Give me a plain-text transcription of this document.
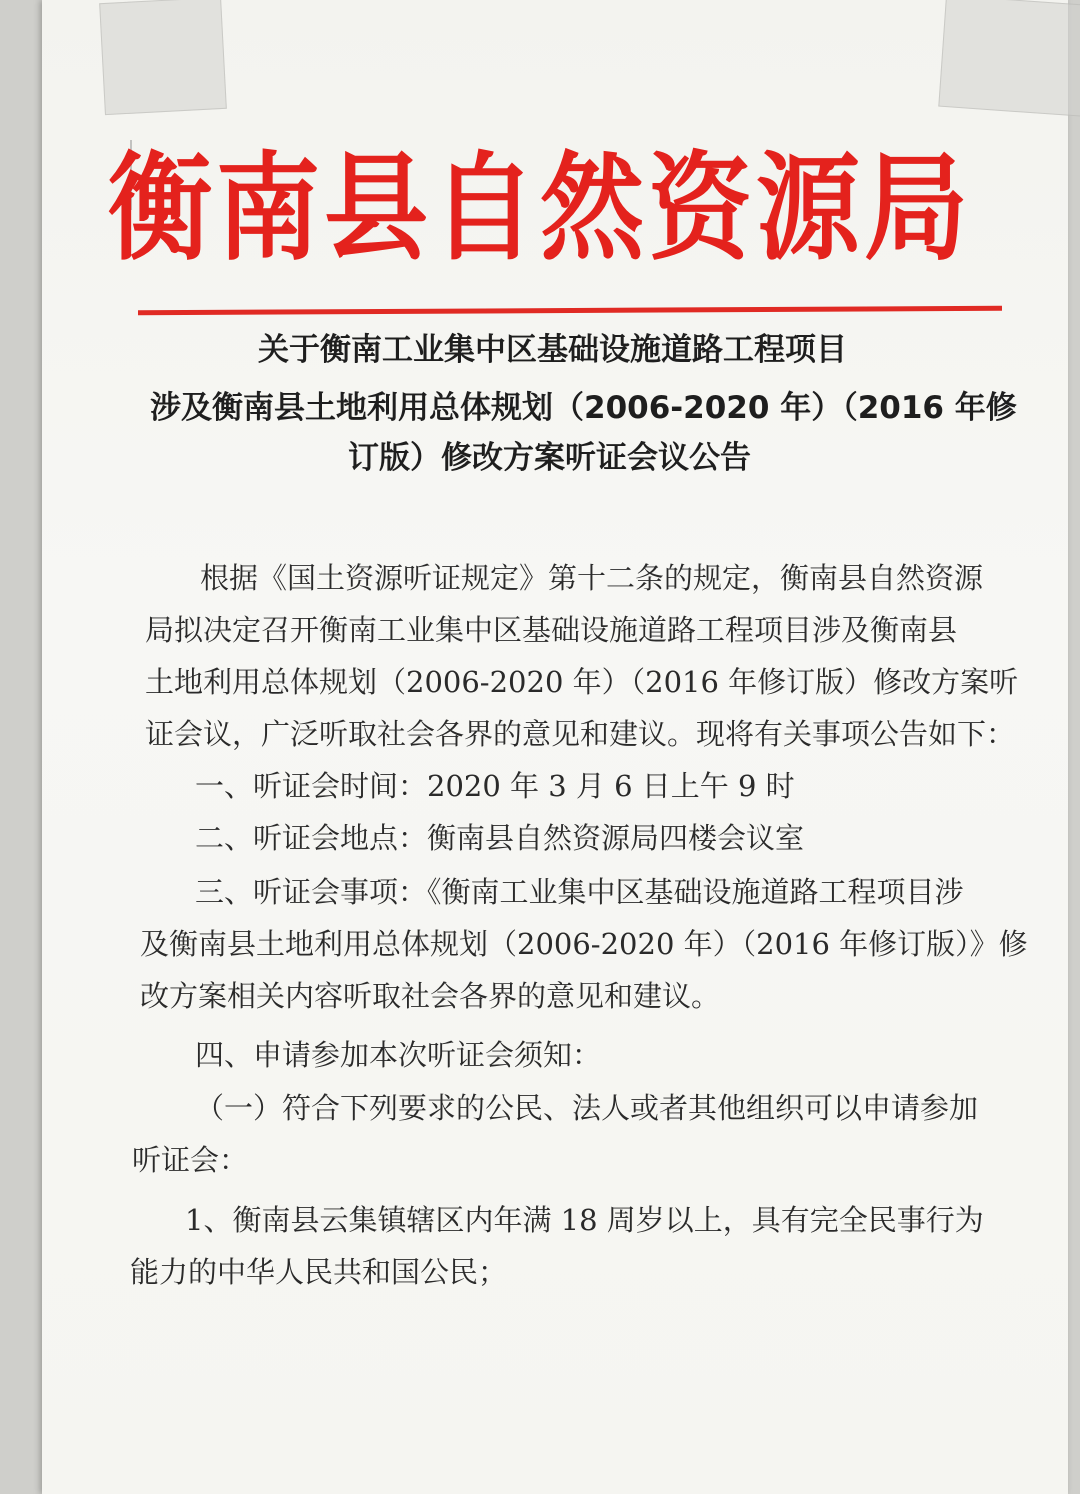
衡南县自然资源局
关于衡南工业集中区基础设施道路工程项目
涉及衡南县土地利用总体规划（2006-2020 年）（2016 年修
订版）修改方案听证会议公告
根据《国土资源听证规定》第十二条的规定，衡南县自然资源
局拟决定召开衡南工业集中区基础设施道路工程项目涉及衡南县
土地利用总体规划（2006-2020 年）（2016 年修订版）修改方案听
证会议，广泛听取社会各界的意见和建议。现将有关事项公告如下：
一、听证会时间：2020 年 3 月 6 日上午 9 时
二、听证会地点：衡南县自然资源局四楼会议室
三、听证会事项：《衡南工业集中区基础设施道路工程项目涉
及衡南县土地利用总体规划（2006-2020 年）（2016 年修订版）》修
改方案相关内容听取社会各界的意见和建议。
四、申请参加本次听证会须知：
（一）符合下列要求的公民、法人或者其他组织可以申请参加
听证会：
1、衡南县云集镇辖区内年满 18 周岁以上，具有完全民事行为
能力的中华人民共和国公民；
